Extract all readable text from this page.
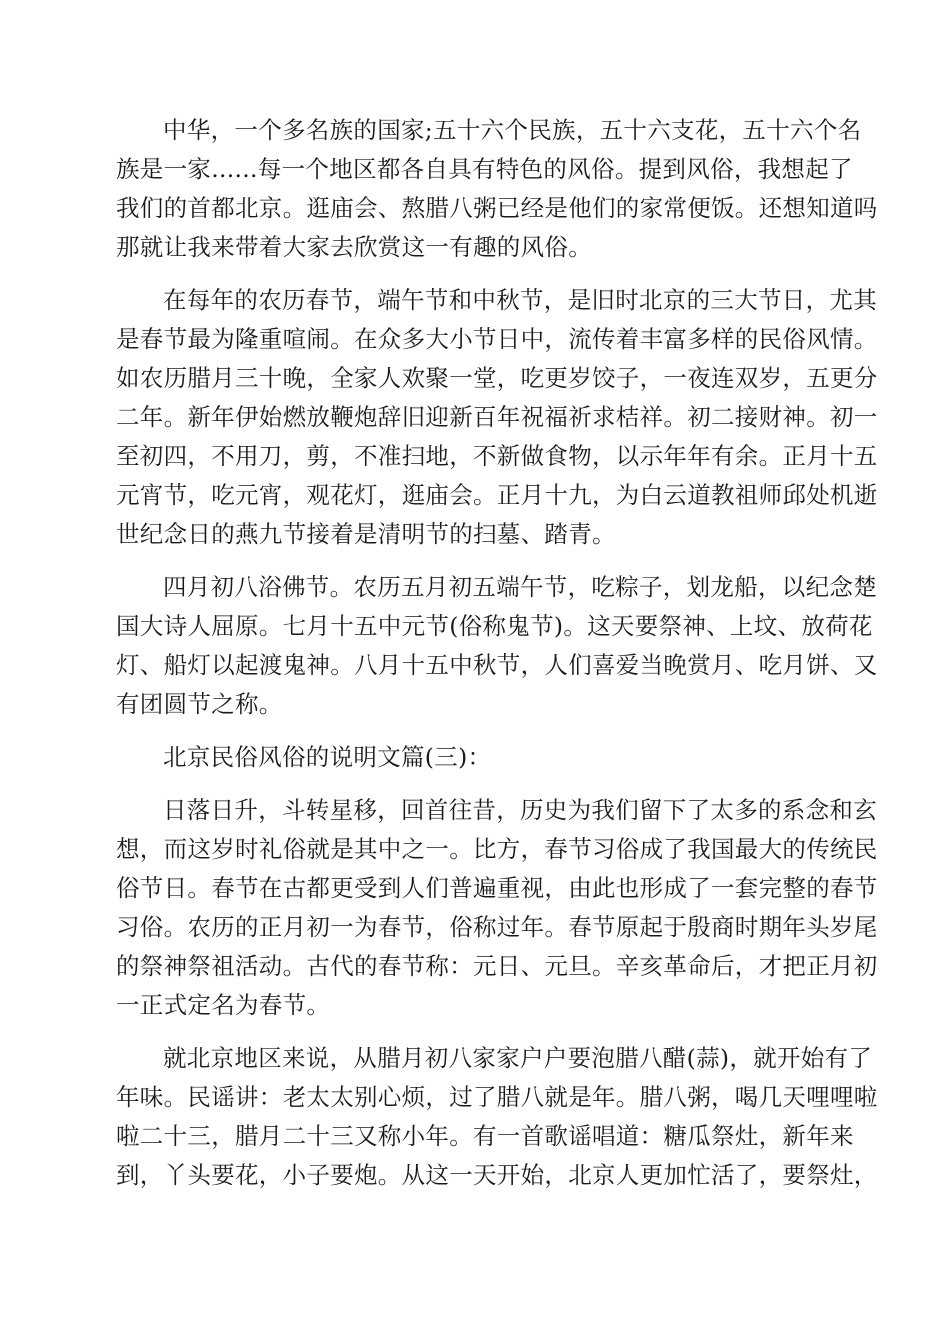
中华，一个多名族的国家;五十六个民族，五十六支花，五十六个名
族是一家......每一个地区都各自具有特色的风俗。提到风俗，我想起了
我们的首都北京。逛庙会、熬腊八粥已经是他们的家常便饭。还想知道吗
那就让我来带着大家去欣赏这一有趣的风俗。
在每年的农历春节，端午节和中秋节，是旧时北京的三大节日，尤其
是春节最为隆重喧闹。在众多大小节日中，流传着丰富多样的民俗风情。
如农历腊月三十晚，全家人欢聚一堂，吃更岁饺子，一夜连双岁，五更分
二年。新年伊始燃放鞭炮辞旧迎新百年祝福祈求桔祥。初二接财神。初一
至初四，不用刀，剪，不准扫地，不新做食物，以示年年有余。正月十五
元宵节，吃元宵，观花灯，逛庙会。正月十九，为白云道教祖师邱处机逝
世纪念日的燕九节接着是清明节的扫墓、踏青。
四月初八浴佛节。农历五月初五端午节，吃粽子，划龙船，以纪念楚
国大诗人屈原。七月十五中元节(俗称鬼节)。这天要祭神、上坟、放荷花
灯、船灯以起渡鬼神。八月十五中秋节，人们喜爱当晚赏月、吃月饼、又
有团圆节之称。
北京民俗风俗的说明文篇(三)：
日落日升，斗转星移，回首往昔，历史为我们留下了太多的系念和玄
想，而这岁时礼俗就是其中之一。比方，春节习俗成了我国最大的传统民
俗节日。春节在古都更受到人们普遍重视，由此也形成了一套完整的春节
习俗。农历的正月初一为春节，俗称过年。春节原起于殷商时期年头岁尾
的祭神祭祖活动。古代的春节称：元日、元旦。辛亥革命后，才把正月初
一正式定名为春节。
就北京地区来说，从腊月初八家家户户要泡腊八醋(蒜)，就开始有了
年味。民谣讲：老太太别心烦，过了腊八就是年。腊八粥，喝几天哩哩啦
啦二十三，腊月二十三又称小年。有一首歌谣唱道：糖瓜祭灶，新年来
到，丫头要花，小子要炮。从这一天开始，北京人更加忙活了，要祭灶，
